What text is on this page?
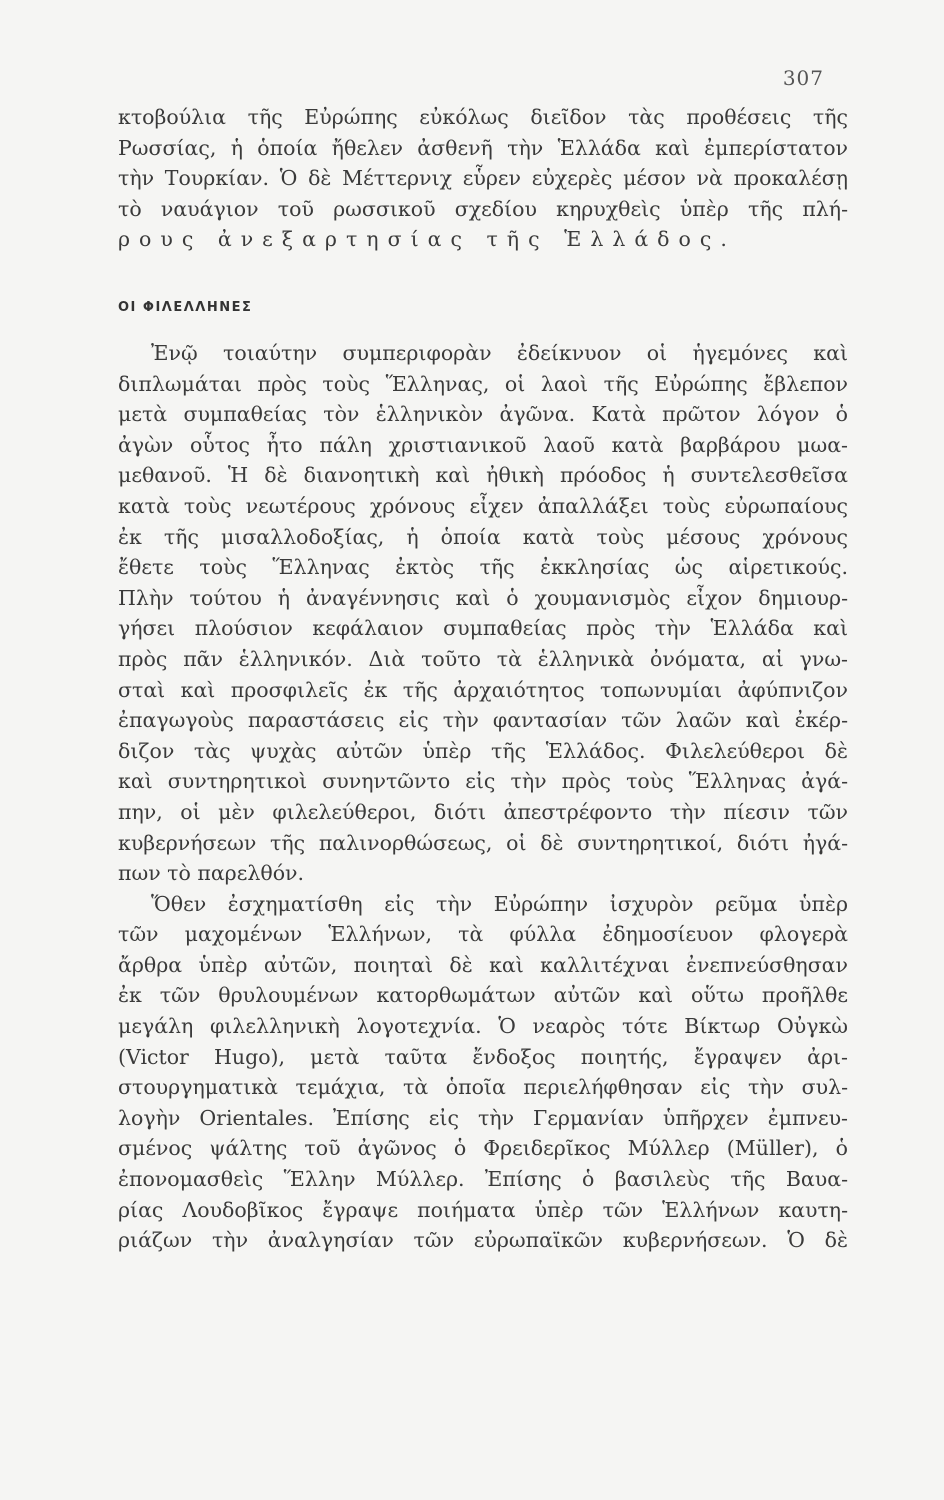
307
κτοβούλια τῆς Εὐρώπης εὐκόλως διεῖδον τὰς προθέσεις τῆς
Ρωσσίας, ἡ ὁποία ἤθελεν ἀσθενῆ τὴν Ἑλλάδα καὶ ἐμπερίστατον
τὴν Τουρκίαν. Ὁ δὲ Μέττερνιχ εὗρεν εὐχερὲς μέσον νὰ προκαλέσῃ
τὸ ναυάγιον τοῦ ρωσσικοῦ σχεδίου κηρυχθεὶς ὑπὲρ τῆς πλή-
ρους ἀνεξαρτησίας τῆς Ἑλλάδος.
ΟΙ ΦΙΛΕΛΛΗΝΕΣ
Ἐνῷ τοιαύτην συμπεριφορὰν ἐδείκνυον οἱ ἡγεμόνες καὶ
διπλωμάται πρὸς τοὺς Ἕλληνας, οἱ λαοὶ τῆς Εὐρώπης ἔβλεπον
μετὰ συμπαθείας τὸν ἑλληνικὸν ἀγῶνα. Κατὰ πρῶτον λόγον ὁ
ἀγὼν οὗτος ἦτο πάλη χριστιανικοῦ λαοῦ κατὰ βαρβάρου μωα-
μεθανοῦ. Ἡ δὲ διανοητικὴ καὶ ἠθικὴ πρόοδος ἡ συντελεσθεῖσα
κατὰ τοὺς νεωτέρους χρόνους εἶχεν ἀπαλλάξει τοὺς εὐρωπαίους
ἐκ τῆς μισαλλοδοξίας, ἡ ὁποία κατὰ τοὺς μέσους χρόνους
ἔθετε τοὺς Ἕλληνας ἐκτὸς τῆς ἐκκλησίας ὡς αἱρετικούς.
Πλὴν τούτου ἡ ἀναγέννησις καὶ ὁ χουμανισμὸς εἶχον δημιουρ-
γήσει πλούσιον κεφάλαιον συμπαθείας πρὸς τὴν Ἑλλάδα καὶ
πρὸς πᾶν ἑλληνικόν. Διὰ τοῦτο τὰ ἑλληνικὰ ὀνόματα, αἱ γνω-
σταὶ καὶ προσφιλεῖς ἐκ τῆς ἀρχαιότητος τοπωνυμίαι ἀφύπνιζον
ἐπαγωγοὺς παραστάσεις εἰς τὴν φαντασίαν τῶν λαῶν καὶ ἐκέρ-
διζον τὰς ψυχὰς αὐτῶν ὑπὲρ τῆς Ἑλλάδος. Φιλελεύθεροι δὲ
καὶ συντηρητικοὶ συνηντῶντο εἰς τὴν πρὸς τοὺς Ἕλληνας ἀγά-
πην, οἱ μὲν φιλελεύθεροι, διότι ἀπεστρέφοντο τὴν πίεσιν τῶν
κυβερνήσεων τῆς παλινορθώσεως, οἱ δὲ συντηρητικοί, διότι ἠγά-
πων τὸ παρελθόν.
Ὅθεν ἐσχηματίσθη εἰς τὴν Εὐρώπην ἰσχυρὸν ρεῦμα ὑπὲρ
τῶν μαχομένων Ἑλλήνων, τὰ φύλλα ἐδημοσίευον φλογερὰ
ἄρθρα ὑπὲρ αὐτῶν, ποιηταὶ δὲ καὶ καλλιτέχναι ἐνεπνεύσθησαν
ἐκ τῶν θρυλουμένων κατορθωμάτων αὐτῶν καὶ οὕτω προῆλθε
μεγάλη φιλελληνικὴ λογοτεχνία. Ὁ νεαρὸς τότε Βίκτωρ Οὐγκὼ
(Victor Hugo), μετὰ ταῦτα ἔνδοξος ποιητής, ἔγραψεν ἀρι-
στουργηματικὰ τεμάχια, τὰ ὁποῖα περιελήφθησαν εἰς τὴν συλ-
λογὴν Orientales. Ἐπίσης εἰς τὴν Γερμανίαν ὑπῆρχεν ἐμπνευ-
σμένος ψάλτης τοῦ ἀγῶνος ὁ Φρειδερῖκος Μύλλερ (Müller), ὁ
ἐπονομασθεὶς Ἕλλην Μύλλερ. Ἐπίσης ὁ βασιλεὺς τῆς Βαυα-
ρίας Λουδοβῖκος ἔγραψε ποιήματα ὑπὲρ τῶν Ἑλλήνων καυτη-
ριάζων τὴν ἀναλγησίαν τῶν εὐρωπαϊκῶν κυβερνήσεων. Ὁ δὲ
